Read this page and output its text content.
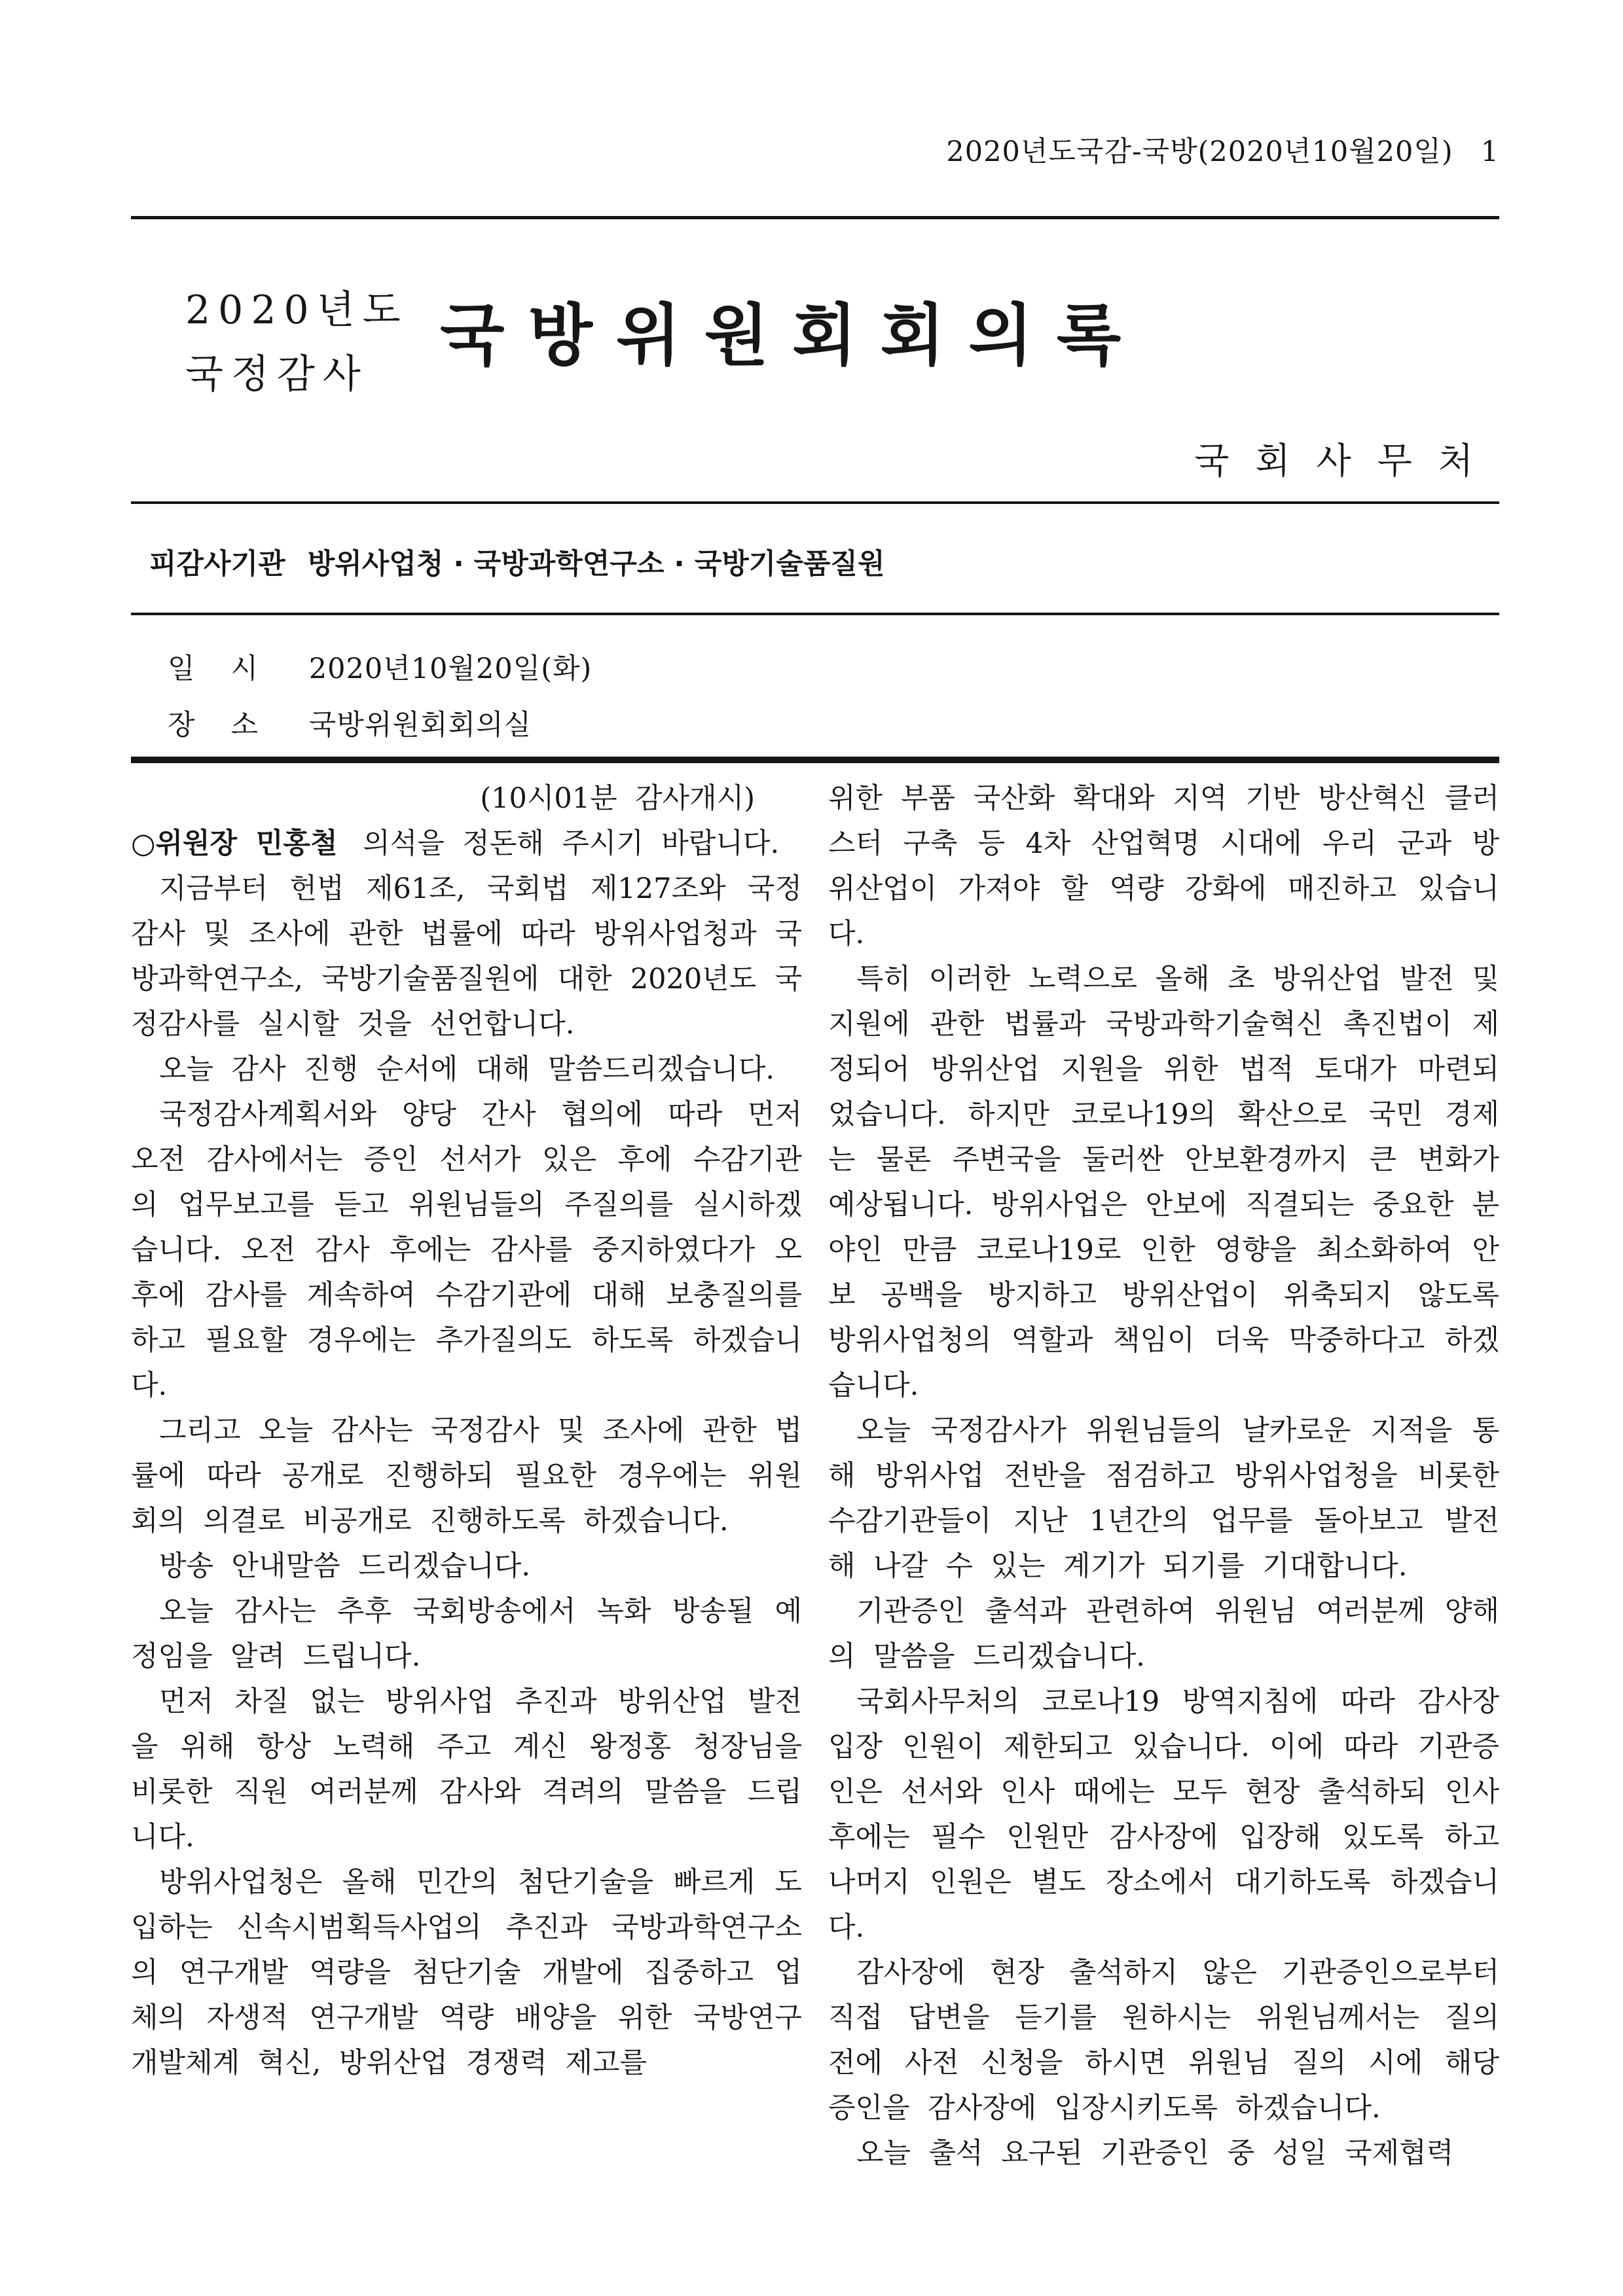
2020년도국감-국방(2020년10월20일) 1
2020년도
국정감사	국방위원회회의록
국회사무처
피감사기관 방위사업청 · 국방과학연구소 · 국방기술품질원
일　시 2020년10월20일(화)
장　소 국방위원회회의실

(10시01분 감사개시)

○위원장 민홍철 의석을 정돈해 주시기 바랍니다.

지금부터 헌법 제61조, 국회법 제127조와 국정감사 및 조사에 관한 법률에 따라 방위사업청과 국방과학연구소, 국방기술품질원에 대한 2020년도 국정감사를 실시할 것을 선언합니다.

오늘 감사 진행 순서에 대해 말씀드리겠습니다.

국정감사계획서와 양당 간사 협의에 따라 먼저 오전 감사에서는 증인 선서가 있은 후에 수감기관의 업무보고를 듣고 위원님들의 주질의를 실시하겠습니다. 오전 감사 후에는 감사를 중지하였다가 오후에 감사를 계속하여 수감기관에 대해 보충질의를 하고 필요할 경우에는 추가질의도 하도록 하겠습니다.

그리고 오늘 감사는 국정감사 및 조사에 관한 법률에 따라 공개로 진행하되 필요한 경우에는 위원회의 의결로 비공개로 진행하도록 하겠습니다.

방송 안내말씀 드리겠습니다.

오늘 감사는 추후 국회방송에서 녹화 방송될 예정임을 알려 드립니다.

먼저 차질 없는 방위사업 추진과 방위산업 발전을 위해 항상 노력해 주고 계신 왕정홍 청장님을 비롯한 직원 여러분께 감사와 격려의 말씀을 드립니다.

방위사업청은 올해 민간의 첨단기술을 빠르게 도입하는 신속시범획득사업의 추진과 국방과학연구소의 연구개발 역량을 첨단기술 개발에 집중하고 업체의 자생적 연구개발 역량 배양을 위한 국방연구개발체계 혁신, 방위산업 경쟁력 제고를

위한 부품 국산화 확대와 지역 기반 방산혁신 클러스터 구축 등 4차 산업혁명 시대에 우리 군과 방위산업이 가져야 할 역량 강화에 매진하고 있습니다.

특히 이러한 노력으로 올해 초 방위산업 발전 및 지원에 관한 법률과 국방과학기술혁신 촉진법이 제정되어 방위산업 지원을 위한 법적 토대가 마련되었습니다. 하지만 코로나19의 확산으로 국민 경제는 물론 주변국을 둘러싼 안보환경까지 큰 변화가 예상됩니다. 방위사업은 안보에 직결되는 중요한 분야인 만큼 코로나19로 인한 영향을 최소화하여 안보 공백을 방지하고 방위산업이 위축되지 않도록 방위사업청의 역할과 책임이 더욱 막중하다고 하겠습니다.

오늘 국정감사가 위원님들의 날카로운 지적을 통해 방위사업 전반을 점검하고 방위사업청을 비롯한 수감기관들이 지난 1년간의 업무를 돌아보고 발전해 나갈 수 있는 계기가 되기를 기대합니다.

기관증인 출석과 관련하여 위원님 여러분께 양해의 말씀을 드리겠습니다.

국회사무처의 코로나19 방역지침에 따라 감사장 입장 인원이 제한되고 있습니다. 이에 따라 기관증인은 선서와 인사 때에는 모두 현장 출석하되 인사 후에는 필수 인원만 감사장에 입장해 있도록 하고 나머지 인원은 별도 장소에서 대기하도록 하겠습니다.

감사장에 현장 출석하지 않은 기관증인으로부터 직접 답변을 듣기를 원하시는 위원님께서는 질의 전에 사전 신청을 하시면 위원님 질의 시에 해당 증인을 감사장에 입장시키도록 하겠습니다.

오늘 출석 요구된 기관증인 중 성일 국제협력
